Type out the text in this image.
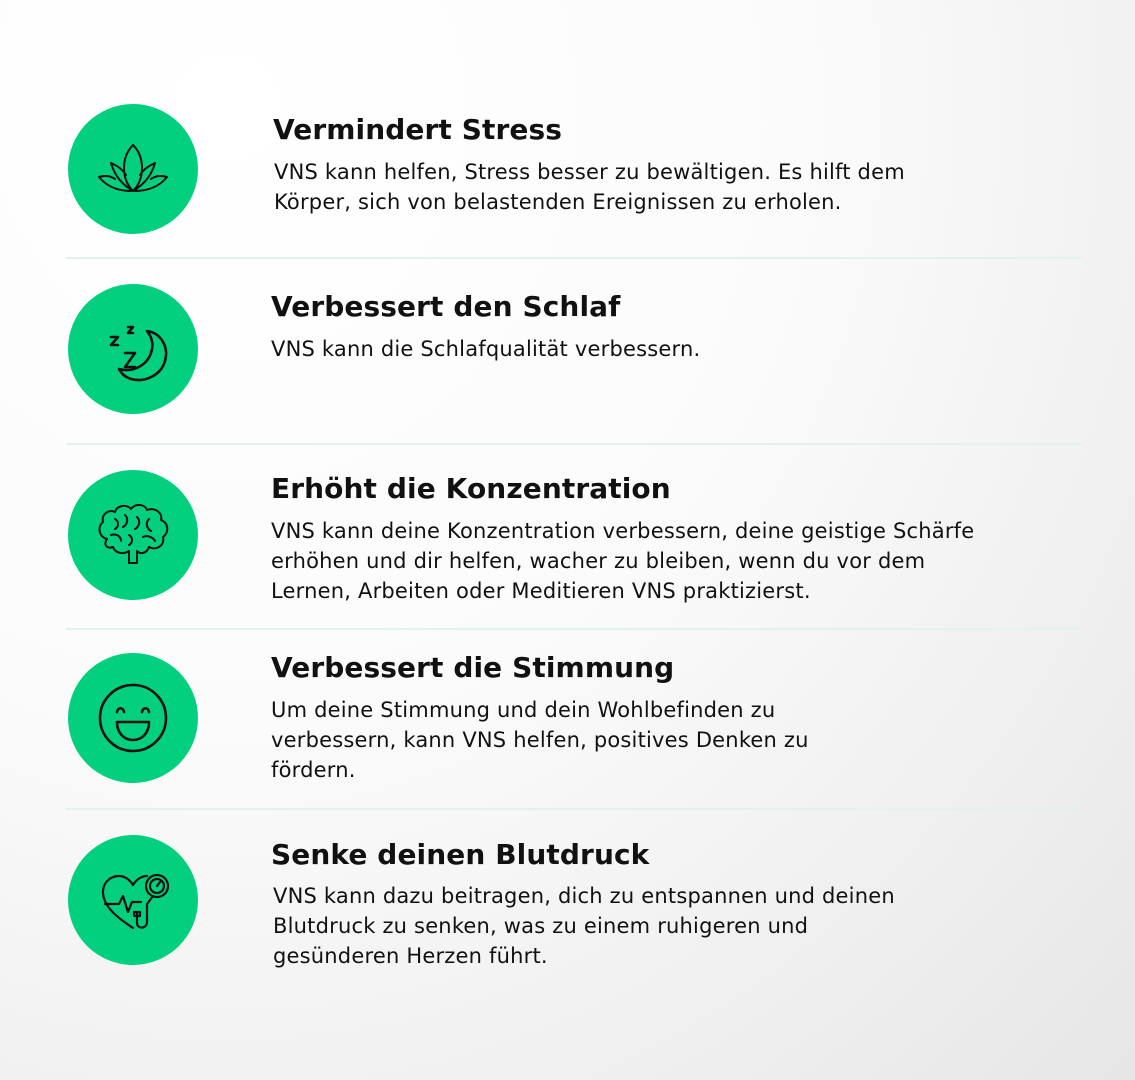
Vermindert Stress
VNS kann helfen, Stress besser zu bewältigen. Es hilft dem Körper, sich von belastenden Ereignissen zu erholen.
Verbessert den Schlaf
VNS kann die Schlafqualität verbessern.
Erhöht die Konzentration
VNS kann deine Konzentration verbessern, deine geistige Schärfe erhöhen und dir helfen, wacher zu bleiben, wenn du vor dem Lernen, Arbeiten oder Meditieren VNS praktizierst.
Verbessert die Stimmung
Um deine Stimmung und dein Wohlbefinden zu verbessern, kann VNS helfen, positives Denken zu fördern.
Senke deinen Blutdruck
VNS kann dazu beitragen, dich zu entspannen und deinen Blutdruck zu senken, was zu einem ruhigeren und gesünderen Herzen führt.
